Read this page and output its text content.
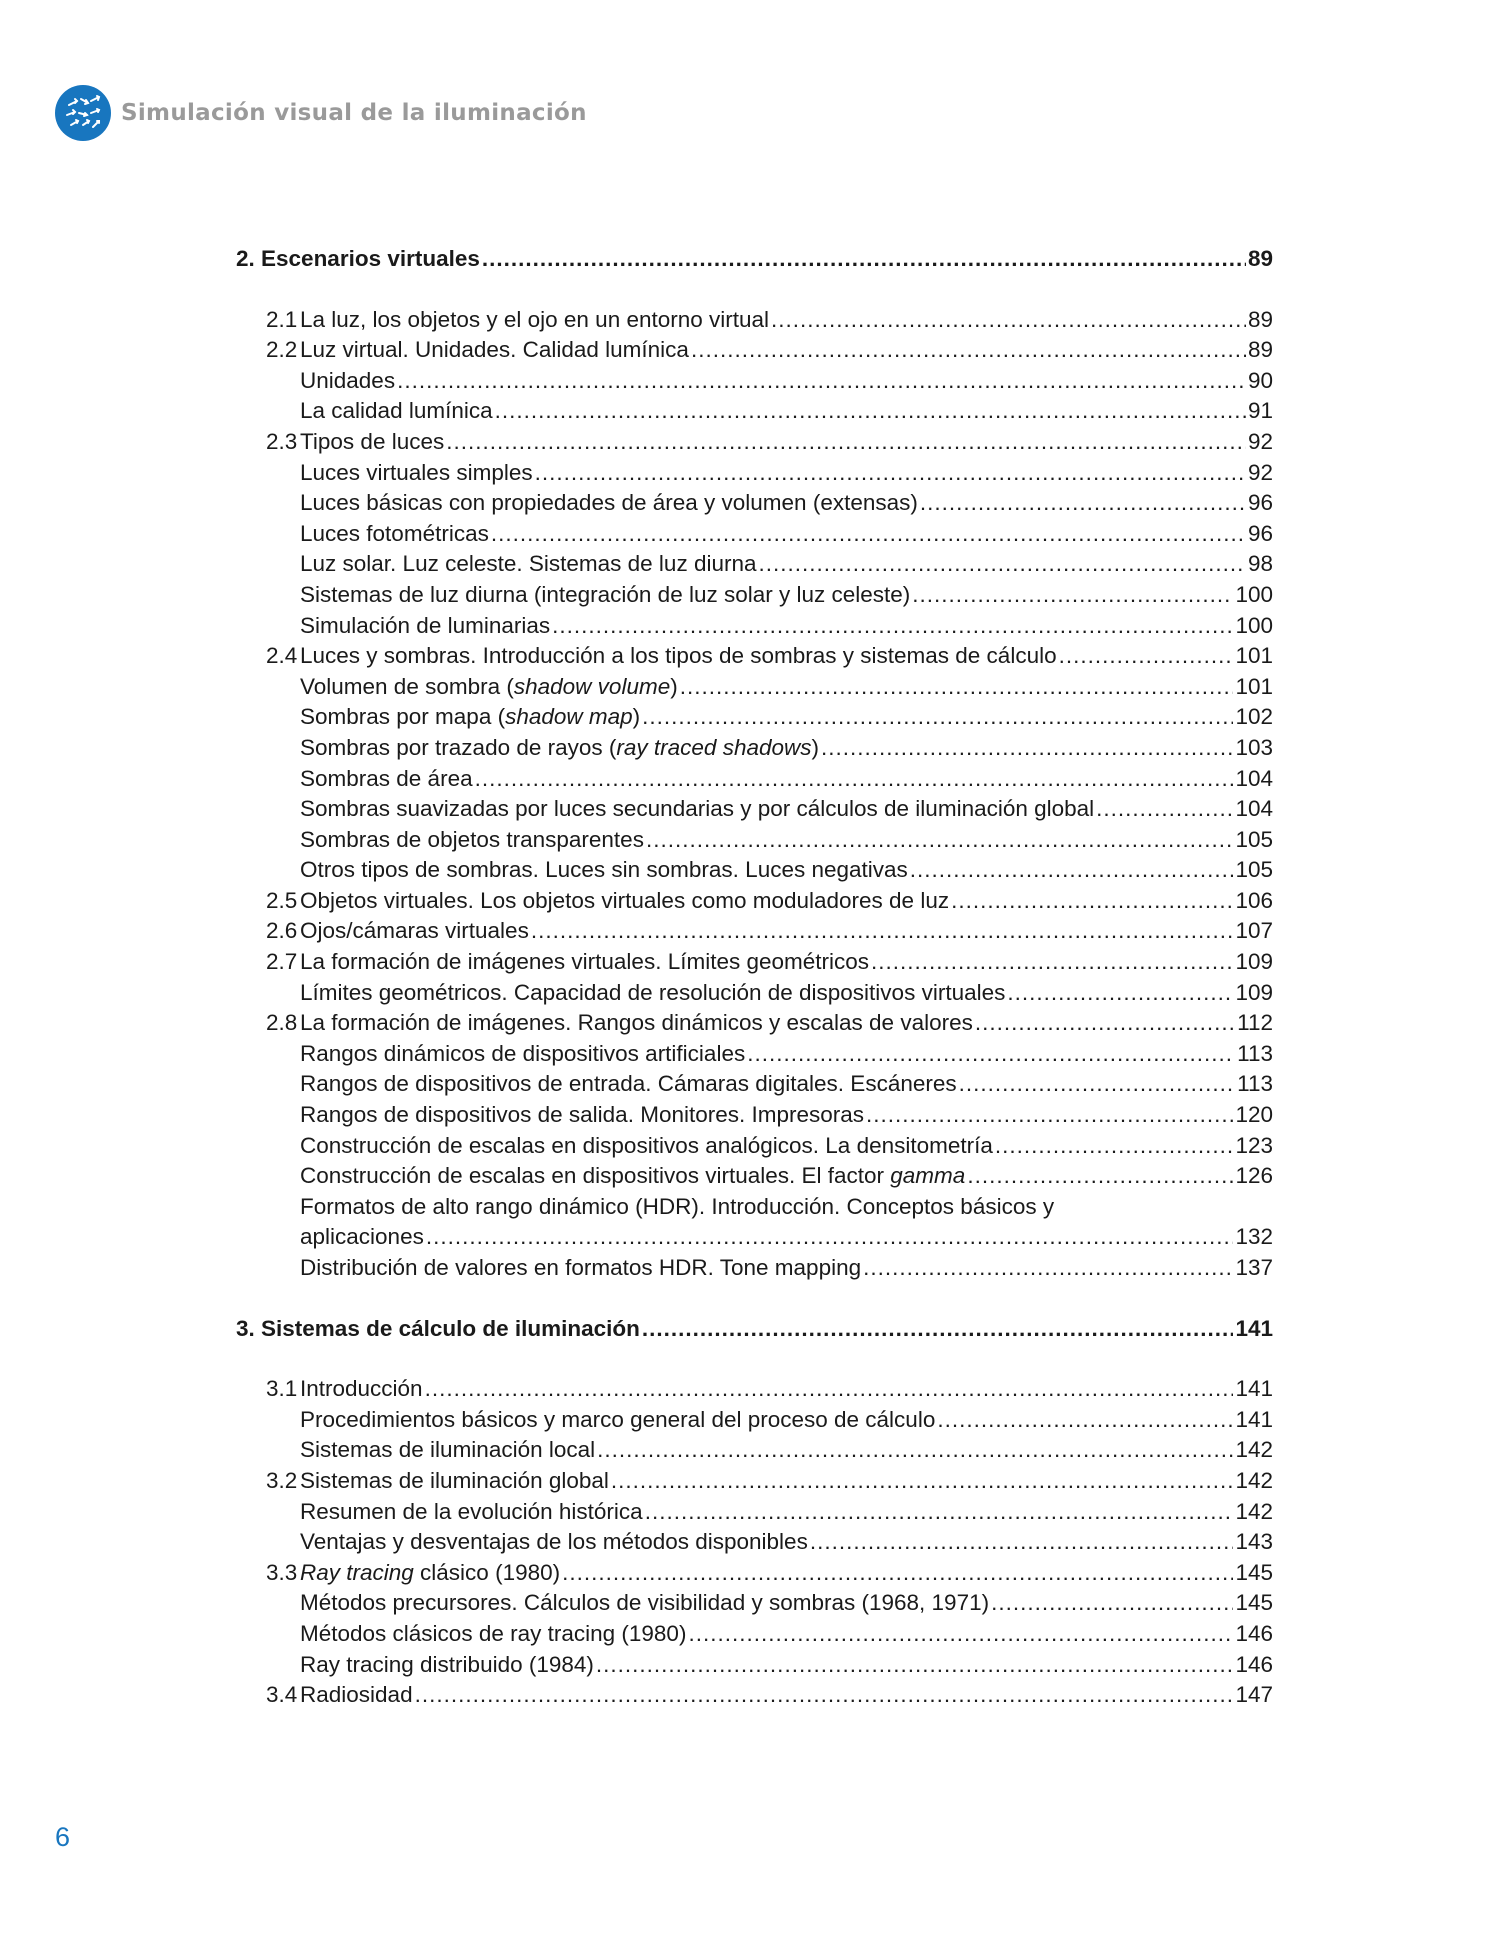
Simulación visual de la iluminación
2. Escenarios virtuales .....	89
2.1 La luz, los objetos y el ojo en un entorno virtual .....	89
2.2 Luz virtual. Unidades. Calidad lumínica .....	89
Unidades .....	90
La calidad lumínica .....	91
2.3 Tipos de luces .....	92
Luces virtuales simples .....	92
Luces básicas con propiedades de área y volumen (extensas) .....	96
Luces fotométricas .....	96
Luz solar. Luz celeste. Sistemas de luz diurna .....	98
Sistemas de luz diurna (integración de luz solar y luz celeste) .....	100
Simulación de luminarias .....	100
2.4 Luces y sombras. Introducción a los tipos de sombras y sistemas de cálculo .....	101
Volumen de sombra (shadow volume) .....	101
Sombras por mapa (shadow map) .....	102
Sombras por trazado de rayos (ray traced shadows) .....	103
Sombras de área .....	104
Sombras suavizadas por luces secundarias y por cálculos de iluminación global .....	104
Sombras de objetos transparentes .....	105
Otros tipos de sombras. Luces sin sombras. Luces negativas .....	105
2.5 Objetos virtuales. Los objetos virtuales como moduladores de luz .....	106
2.6 Ojos/cámaras virtuales .....	107
2.7 La formación de imágenes virtuales. Límites geométricos .....	109
Límites geométricos. Capacidad de resolución de dispositivos virtuales .....	109
2.8 La formación de imágenes. Rangos dinámicos y escalas de valores .....	112
Rangos dinámicos de dispositivos artificiales .....	113
Rangos de dispositivos de entrada. Cámaras digitales. Escáneres .....	113
Rangos de dispositivos de salida. Monitores. Impresoras .....	120
Construcción de escalas en dispositivos analógicos. La densitometría .....	123
Construcción de escalas en dispositivos virtuales. El factor gamma .....	126
Formatos de alto rango dinámico (HDR). Introducción. Conceptos básicos y
aplicaciones .....	132
Distribución de valores en formatos HDR. Tone mapping .....	137
3. Sistemas de cálculo de iluminación .....	141
3.1 Introducción .....	141
Procedimientos básicos y marco general del proceso de cálculo .....	141
Sistemas de iluminación local .....	142
3.2 Sistemas de iluminación global .....	142
Resumen de la evolución histórica .....	142
Ventajas y desventajas de los métodos disponibles .....	143
3.3 Ray tracing clásico (1980) .....	145
Métodos precursores. Cálculos de visibilidad y sombras (1968, 1971) .....	145
Métodos clásicos de ray tracing (1980) .....	146
Ray tracing distribuido (1984) .....	146
3.4 Radiosidad .....	147
6
